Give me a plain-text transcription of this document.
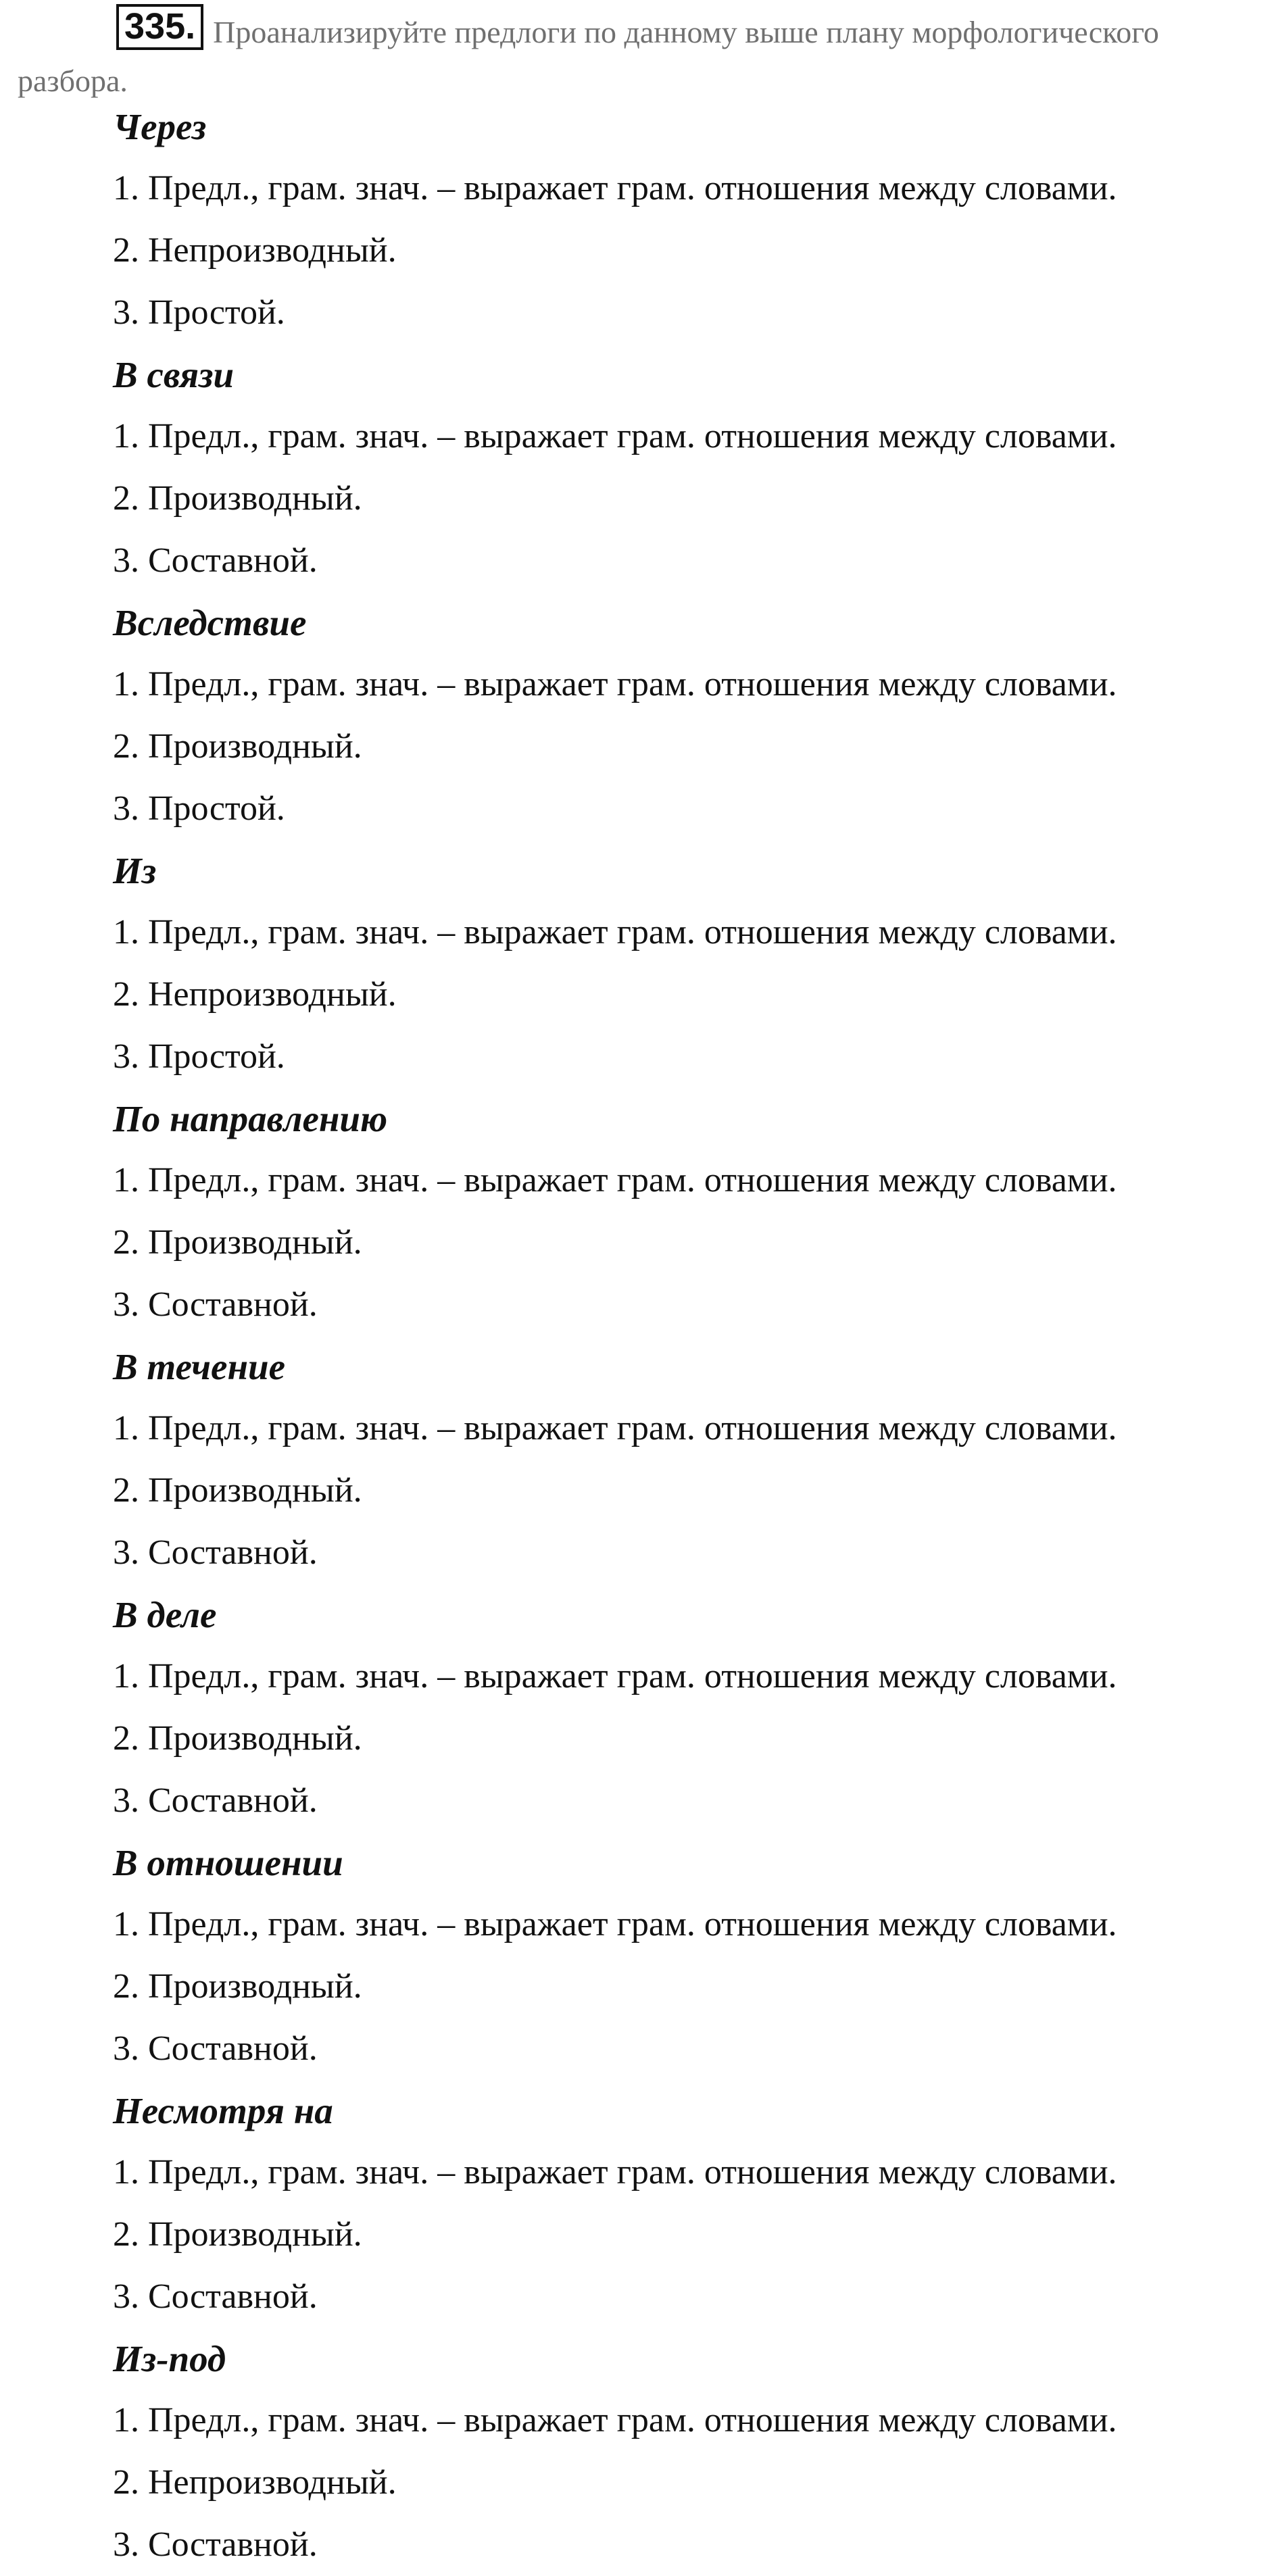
335. Проанализируйте предлоги по данному выше плану морфологического
разбора.
Через
1. Предл., грам. знач. – выражает грам. отношения между словами.
2. Непроизводный.
3. Простой.
В связи
1. Предл., грам. знач. – выражает грам. отношения между словами.
2. Производный.
3. Составной.
Вследствие
1. Предл., грам. знач. – выражает грам. отношения между словами.
2. Производный.
3. Простой.
Из
1. Предл., грам. знач. – выражает грам. отношения между словами.
2. Непроизводный.
3. Простой.
По направлению
1. Предл., грам. знач. – выражает грам. отношения между словами.
2. Производный.
3. Составной.
В течение
1. Предл., грам. знач. – выражает грам. отношения между словами.
2. Производный.
3. Составной.
В деле
1. Предл., грам. знач. – выражает грам. отношения между словами.
2. Производный.
3. Составной.
В отношении
1. Предл., грам. знач. – выражает грам. отношения между словами.
2. Производный.
3. Составной.
Несмотря на
1. Предл., грам. знач. – выражает грам. отношения между словами.
2. Производный.
3. Составной.
Из-под
1. Предл., грам. знач. – выражает грам. отношения между словами.
2. Непроизводный.
3. Составной.
